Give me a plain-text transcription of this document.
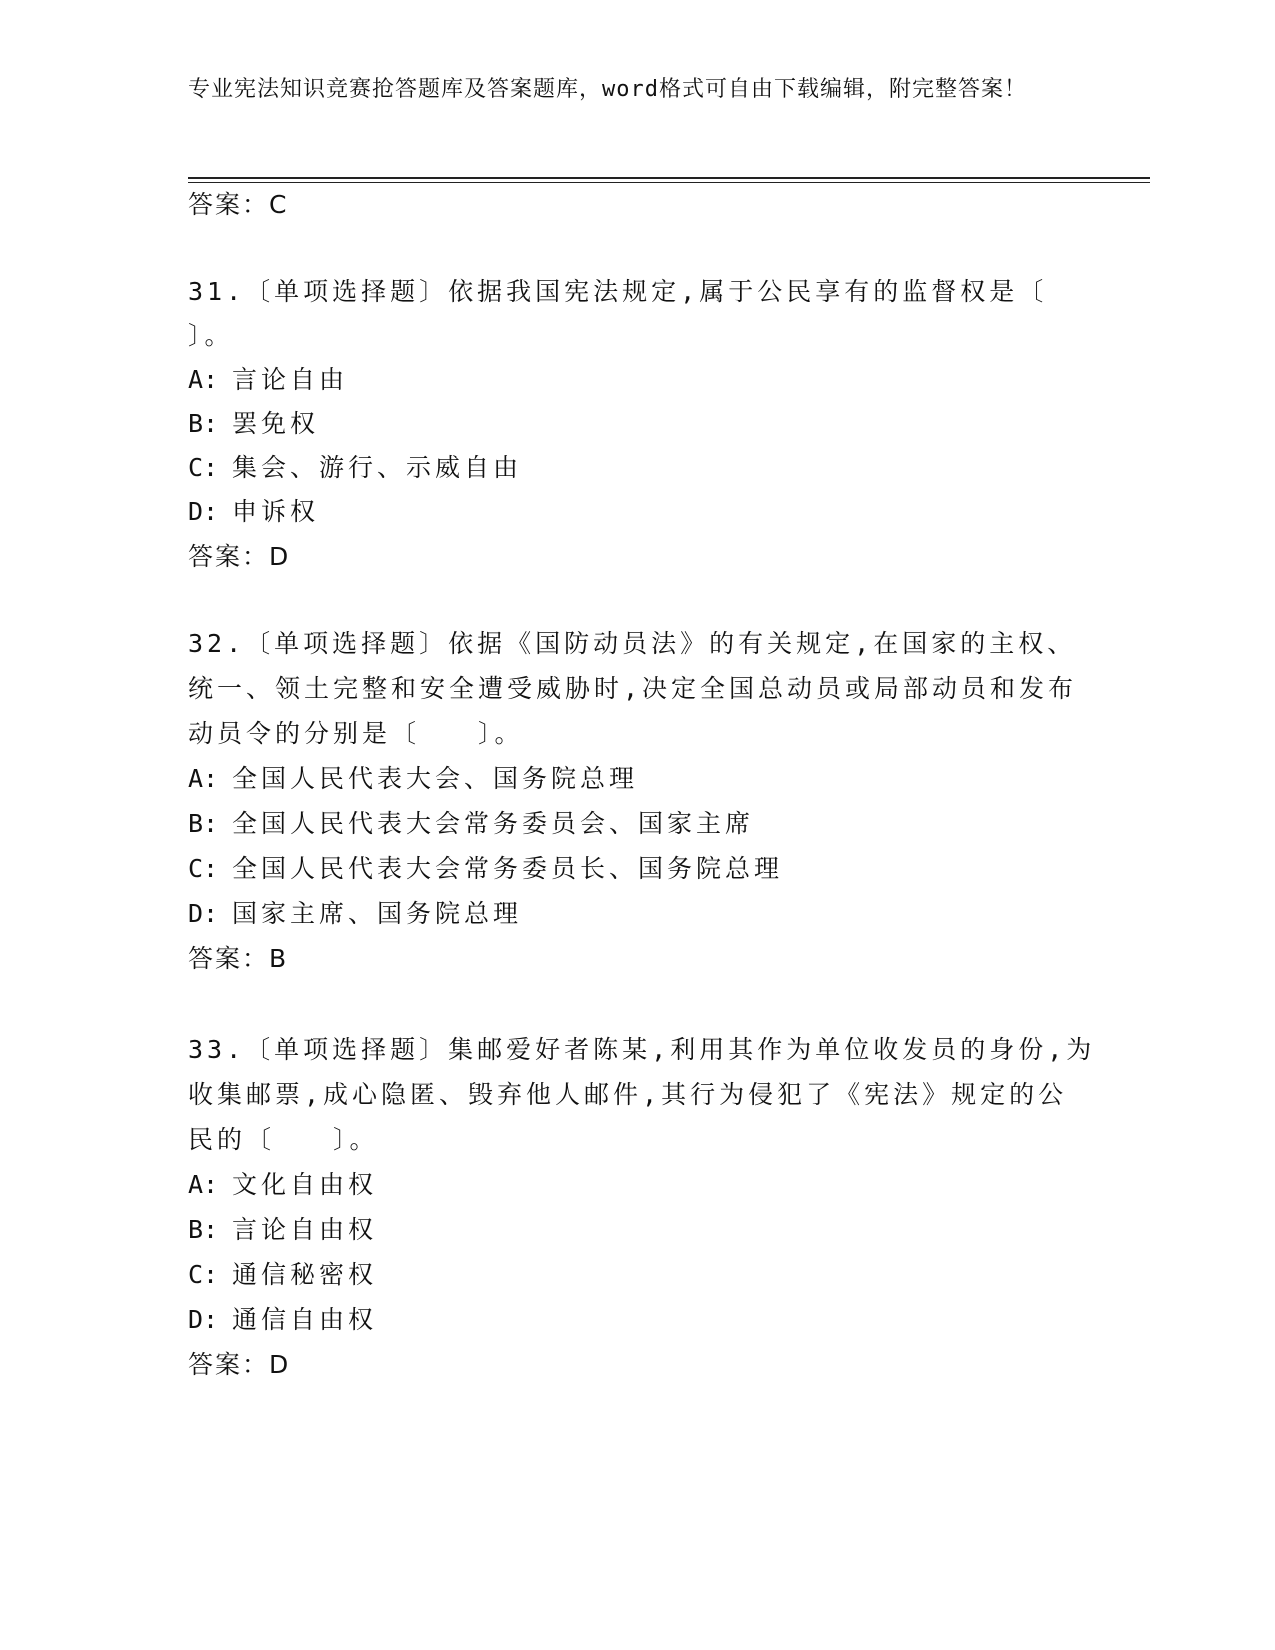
专业宪法知识竞赛抢答题库及答案题库，word格式可自由下载编辑，附完整答案！
答案：C
31.〔单项选择题〕依据我国宪法规定,属于公民享有的监督权是〔
〕。
A: 言论自由
B: 罢免权
C: 集会、游行、示威自由
D: 申诉权
答案：D
32.〔单项选择题〕依据《国防动员法》的有关规定,在国家的主权、
统一、领土完整和安全遭受威胁时,决定全国总动员或局部动员和发布
动员令的分别是〔　　〕。
A: 全国人民代表大会、国务院总理
B: 全国人民代表大会常务委员会、国家主席
C: 全国人民代表大会常务委员长、国务院总理
D: 国家主席、国务院总理
答案：B
33.〔单项选择题〕集邮爱好者陈某,利用其作为单位收发员的身份,为
收集邮票,成心隐匿、毁弃他人邮件,其行为侵犯了《宪法》规定的公
民的〔　　〕。
A: 文化自由权
B: 言论自由权
C: 通信秘密权
D: 通信自由权
答案：D
